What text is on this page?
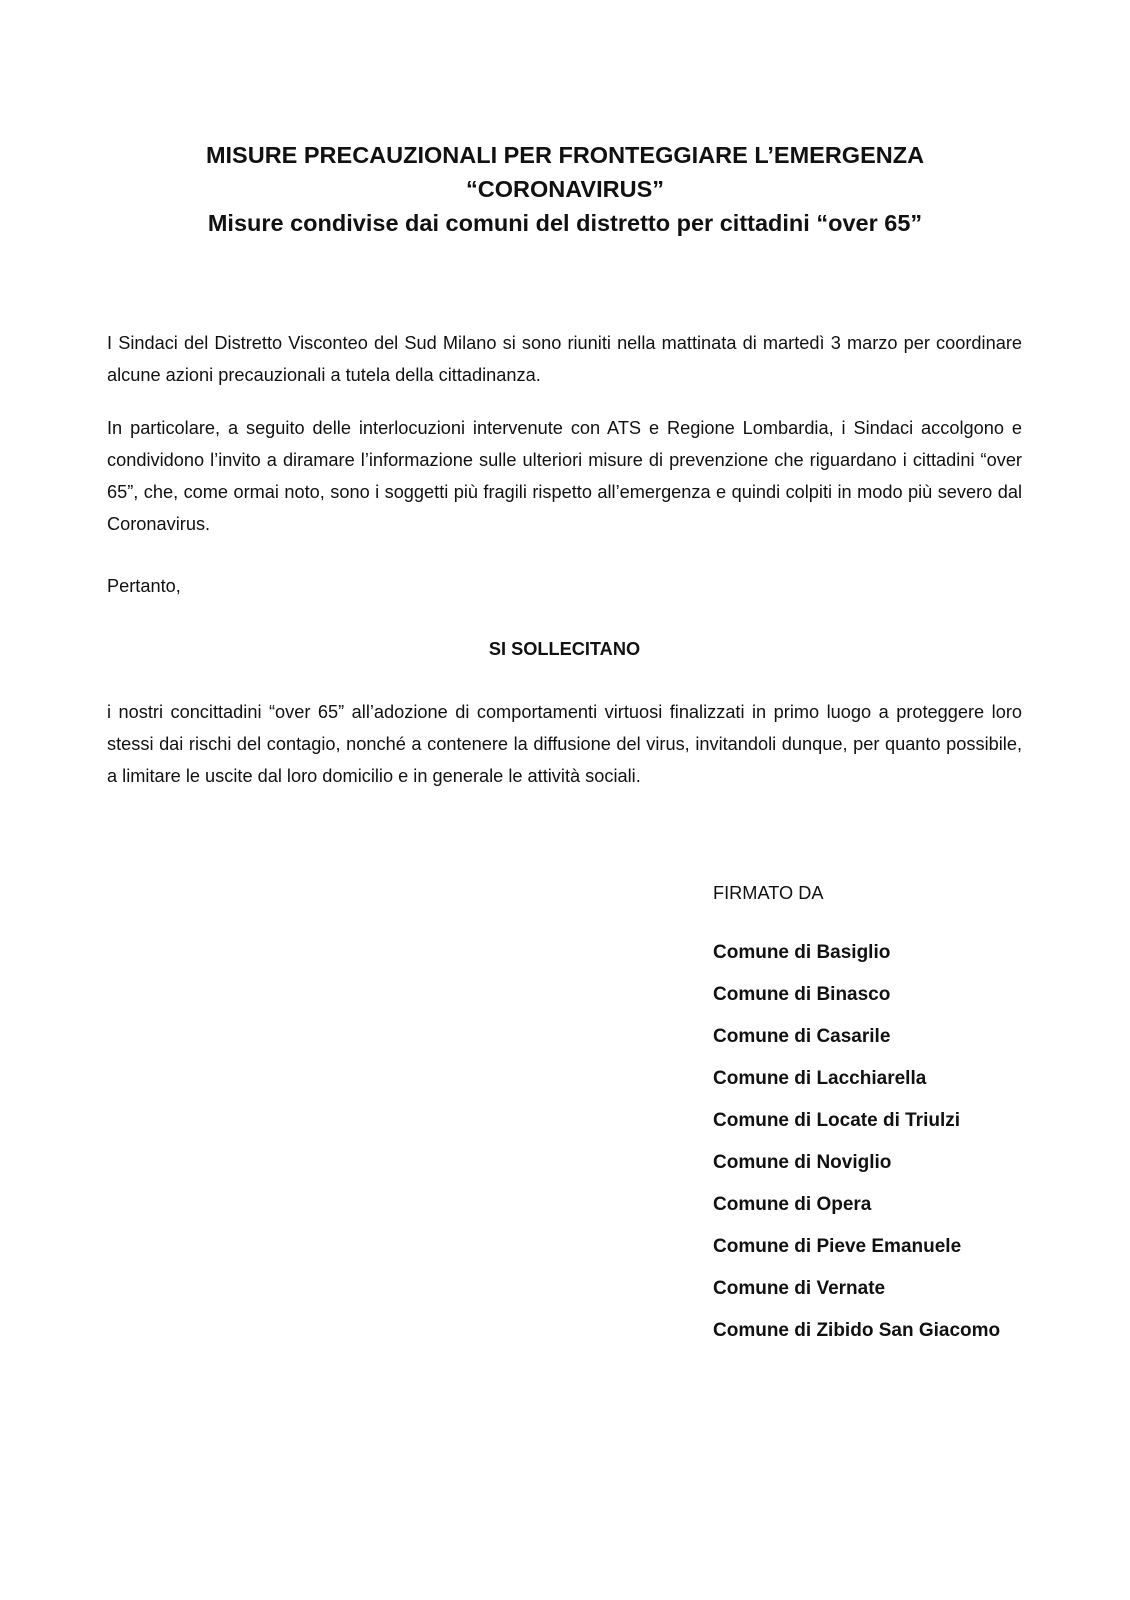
MISURE PRECAUZIONALI PER FRONTEGGIARE L’EMERGENZA
“CORONAVIRUS”
Misure condivise dai comuni del distretto per cittadini “over 65”

I Sindaci del Distretto Visconteo del Sud Milano si sono riuniti nella mattinata di martedì 3 marzo per coordinare alcune azioni precauzionali a tutela della cittadinanza.

In particolare, a seguito delle interlocuzioni intervenute con ATS e Regione Lombardia, i Sindaci accolgono e condividono l’invito a diramare l’informazione sulle ulteriori misure di prevenzione che riguardano i cittadini “over 65”, che, come ormai noto, sono i soggetti più fragili rispetto all’emergenza e quindi colpiti in modo più severo dal Coronavirus.

Pertanto,

SI SOLLECITANO

i nostri concittadini “over 65” all’adozione di comportamenti virtuosi finalizzati in primo luogo a proteggere loro stessi dai rischi del contagio, nonché a contenere la diffusione del virus, invitandoli dunque, per quanto possibile, a limitare le uscite dal loro domicilio e in generale le attività sociali.

FIRMATO DA

Comune di Basiglio
Comune di Binasco
Comune di Casarile
Comune di Lacchiarella
Comune di Locate di Triulzi
Comune di Noviglio
Comune di Opera
Comune di Pieve Emanuele
Comune di Vernate
Comune di Zibido San Giacomo
